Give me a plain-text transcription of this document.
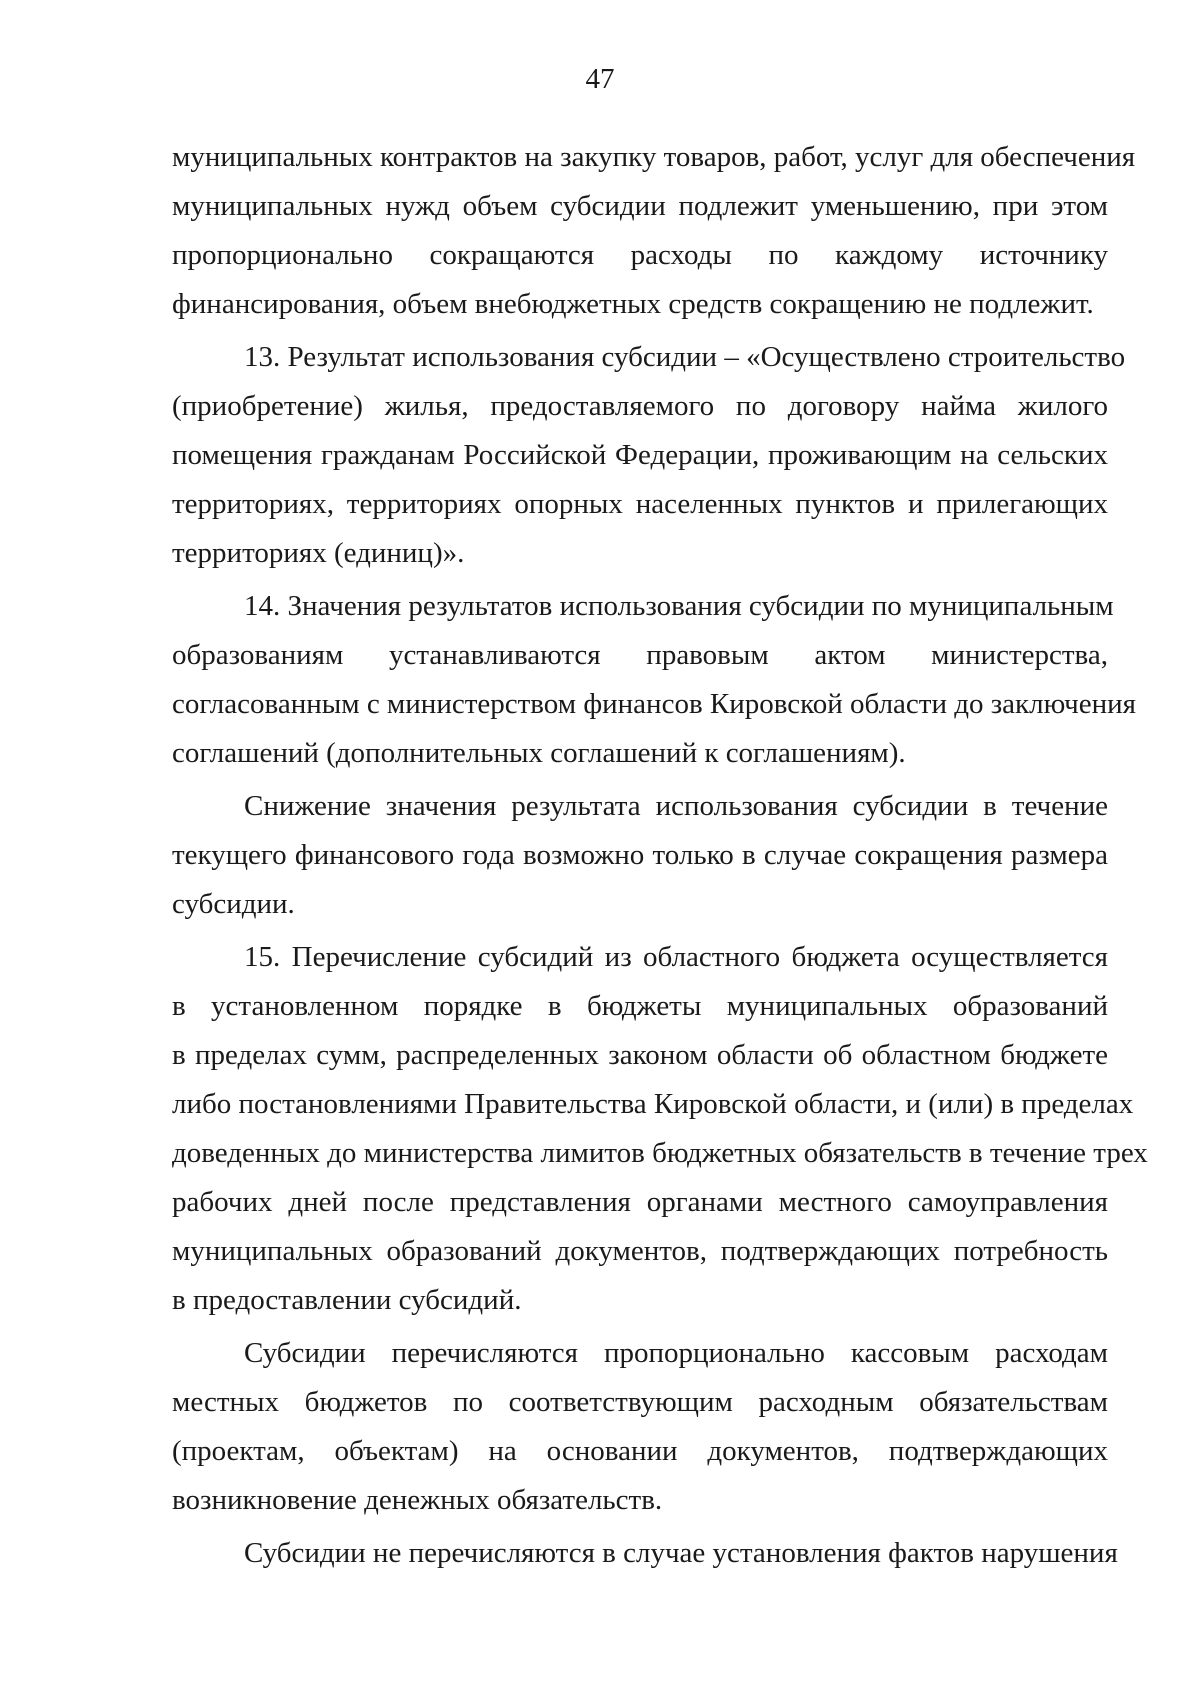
47

муниципальных контрактов на закупку товаров, работ, услуг для обеспечения
муниципальных нужд объем субсидии подлежит уменьшению, при этом
пропорционально сокращаются расходы по каждому источнику
финансирования, объем внебюджетных средств сокращению не подлежит.

13. Результат использования субсидии – «Осуществлено строительство
(приобретение) жилья, предоставляемого по договору найма жилого
помещения гражданам Российской Федерации, проживающим на сельских
территориях, территориях опорных населенных пунктов и прилегающих
территориях (единиц)».

14. Значения результатов использования субсидии по муниципальным
образованиям устанавливаются правовым актом министерства,
согласованным с министерством финансов Кировской области до заключения
соглашений (дополнительных соглашений к соглашениям).

Снижение значения результата использования субсидии в течение
текущего финансового года возможно только в случае сокращения размера
субсидии.

15. Перечисление субсидий из областного бюджета осуществляется
в установленном порядке в бюджеты муниципальных образований
в пределах сумм, распределенных законом области об областном бюджете
либо постановлениями Правительства Кировской области, и (или) в пределах
доведенных до министерства лимитов бюджетных обязательств в течение трех
рабочих дней после представления органами местного самоуправления
муниципальных образований документов, подтверждающих потребность
в предоставлении субсидий.

Субсидии перечисляются пропорционально кассовым расходам
местных бюджетов по соответствующим расходным обязательствам
(проектам, объектам) на основании документов, подтверждающих
возникновение денежных обязательств.

Субсидии не перечисляются в случае установления фактов нарушения
